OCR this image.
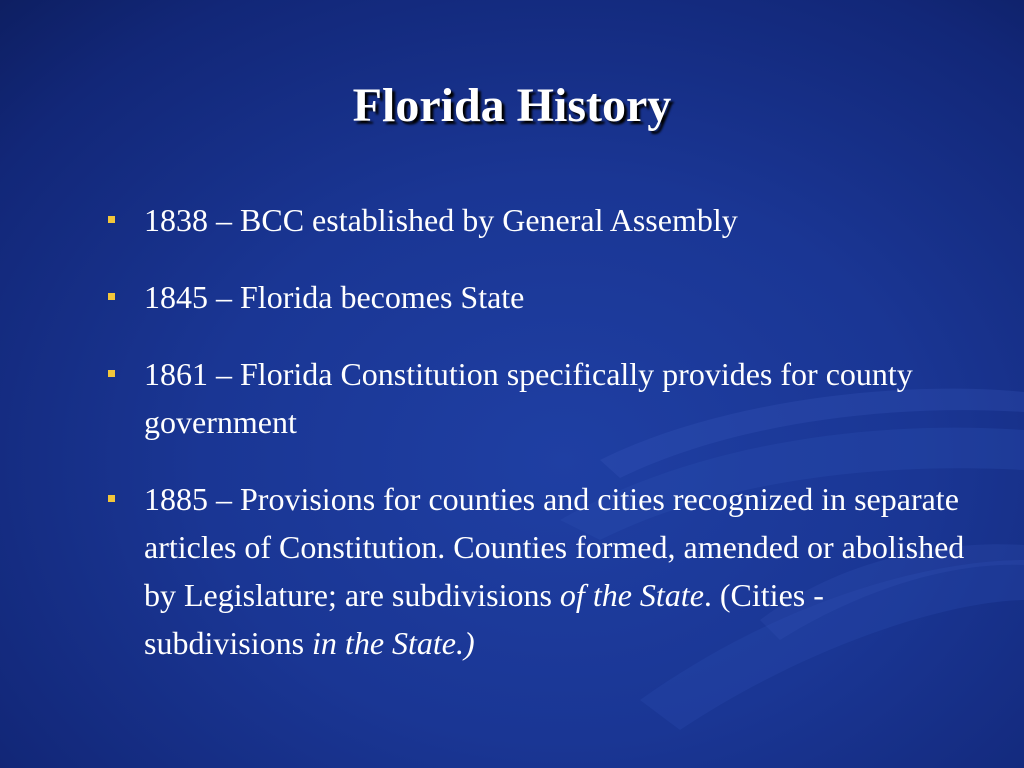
Florida History
1838 – BCC established by General Assembly
1845 – Florida becomes State
1861 – Florida Constitution specifically provides for county government
1885 – Provisions for counties and cities recognized in separate articles of Constitution. Counties formed, amended or abolished by Legislature; are subdivisions of the State. (Cities - subdivisions in the State.)
